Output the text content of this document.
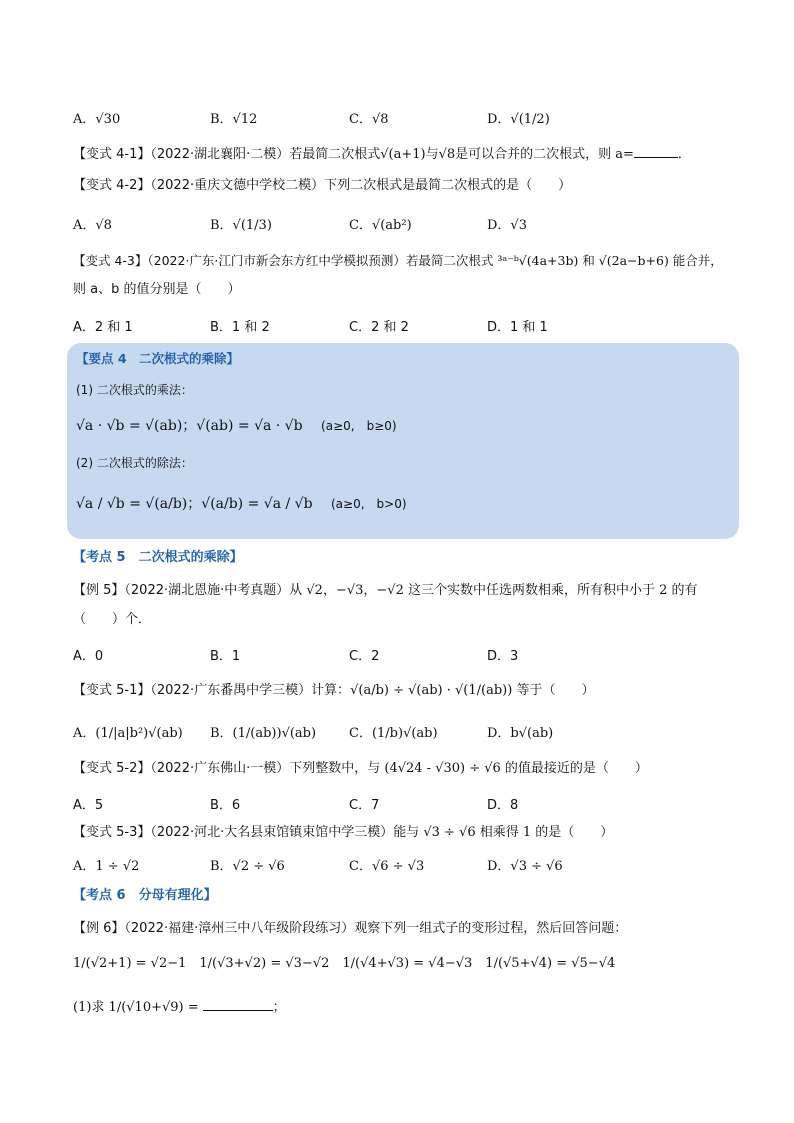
A．√30	B．√12	C．√8	D．√(1/2)
【变式 4-1】（2022·湖北襄阳·二模）若最简二次根式√(a+1)与√8是可以合并的二次根式，则 a=	．
【变式 4-2】（2022·重庆文德中学校二模）下列二次根式是最简二次根式的是（　　）
A．√8	B．√(1/3)	C．√(ab²)	D．√3
【变式 4-3】（2022·广东·江门市新会东方红中学模拟预测）若最简二次根式 ³ᵃ⁻ᵇ√(4a+3b) 和 √(2a−b+6) 能合并，
则 a、b 的值分别是（　　）
A．2 和 1	B．1 和 2	C．2 和 2	D．1 和 1
【要点 4　二次根式的乘除】
(1) 二次根式的乘法：
√a · √b = √(ab)；√(ab) = √a · √b (a≥0,　b≥0)
(2) 二次根式的除法：
√a / √b = √(a/b)；√(a/b) = √a / √b (a≥0,　b>0)
【考点 5　二次根式的乘除】
【例 5】（2022·湖北恩施·中考真题）从 √2，−√3，−√2 这三个实数中任选两数相乘，所有积中小于 2 的有
（　　）个．
A．0	B．1	C．2	D．3
【变式 5-1】（2022·广东番禺中学三模）计算：√(a/b) ÷ √(ab) · √(1/(ab)) 等于（　　）
A．(1/|a|b²)√(ab) B．(1/(ab))√(ab)	C．(1/b)√(ab)	D．b√(ab)
【变式 5-2】（2022·广东佛山·一模）下列整数中，与 (4√24 - √30) ÷ √6 的值最接近的是（　　）
A．5	B．6	C．7	D．8
【变式 5-3】（2022·河北·大名县束馆镇束馆中学三模）能与 √3 ÷ √6 相乘得 1 的是（　　）
A．1 ÷ √2	B．√2 ÷ √6	C．√6 ÷ √3	D．√3 ÷ √6
【考点 6　分母有理化】
【例 6】（2022·福建·漳州三中八年级阶段练习）观察下列一组式子的变形过程，然后回答问题：
1/(√2+1) = √2−1　1/(√3+√2) = √3−√2　1/(√4+√3) = √4−√3　1/(√5+√4) = √5−√4
(1)求 1/(√10+√9) =	；
